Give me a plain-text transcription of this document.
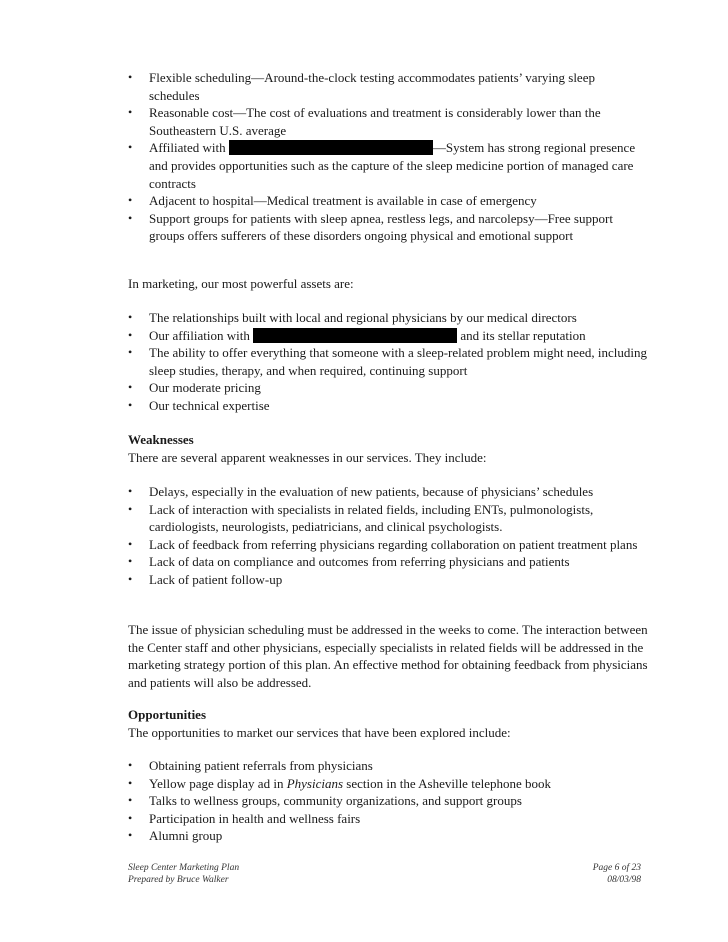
• Flexible scheduling—Around-the-clock testing accommodates patients’ varying sleep schedules
• Reasonable cost—The cost of evaluations and treatment is considerably lower than the Southeastern U.S. average
• Affiliated with	—System has strong regional presence and provides opportunities such as the capture of the sleep medicine portion of managed care contracts
• Adjacent to hospital—Medical treatment is available in case of emergency
• Support groups for patients with sleep apnea, restless legs, and narcolepsy—Free support groups offers sufferers of these disorders ongoing physical and emotional support

In marketing, our most powerful assets are:

• The relationships built with local and regional physicians by our medical directors
• Our affiliation with	and its stellar reputation
• The ability to offer everything that someone with a sleep-related problem might need, including sleep studies, therapy, and when required, continuing support
• Our moderate pricing
• Our technical expertise
Weaknesses

There are several apparent weaknesses in our services. They include:

• Delays, especially in the evaluation of new patients, because of physicians’ schedules
• Lack of interaction with specialists in related fields, including ENTs, pulmonologists, cardiologists, neurologists, pediatricians, and clinical psychologists.
• Lack of feedback from referring physicians regarding collaboration on patient treatment plans
• Lack of data on compliance and outcomes from referring physicians and patients
• Lack of patient follow-up

The issue of physician scheduling must be addressed in the weeks to come. The interaction between the Center staff and other physicians, especially specialists in related fields will be addressed in the marketing strategy portion of this plan. An effective method for obtaining feedback from physicians and patients will also be addressed.

Opportunities

The opportunities to market our services that have been explored include:

• Obtaining patient referrals from physicians
• Yellow page display ad in Physicians section in the Asheville telephone book
• Talks to wellness groups, community organizations, and support groups
• Participation in health and wellness fairs
• Alumni group
Sleep Center Marketing Plan
Prepared by Bruce Walker
Page 6 of 23
08/03/98
